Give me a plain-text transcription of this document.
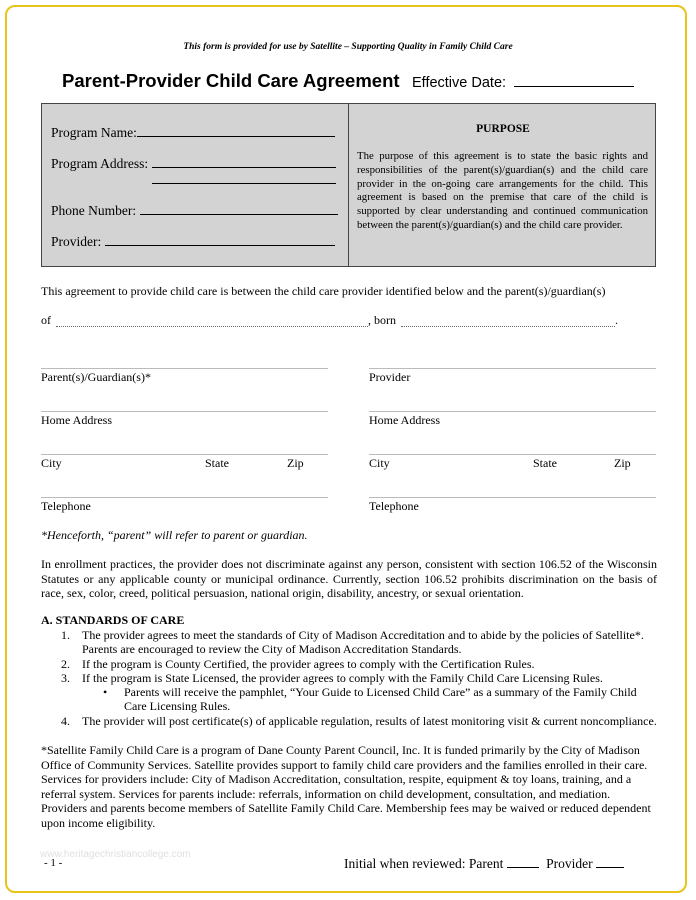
This form is provided for use by Satellite – Supporting Quality in Family Child Care
Parent-Provider Child Care Agreement Effective Date:
Program Name:
Program Address:
Phone Number:
Provider:
PURPOSE
The purpose of this agreement is to state the basic rights and responsibilities of the parent(s)/guardian(s) and the child care provider in the on-going care arrangements for the child. This agreement is based on the premise that care of the child is supported by clear understanding and continued communication between the parent(s)/guardian(s) and the child care provider.
This agreement to provide child care is between the child care provider identified below and the parent(s)/guardian(s)
of	, born	.
Parent(s)/Guardian(s)*
Home Address
City	State	Zip
Telephone
Provider
Home Address
City	State	Zip
Telephone
*Henceforth, “parent” will refer to parent or guardian.
In enrollment practices, the provider does not discriminate against any person, consistent with section 106.52 of the Wisconsin Statutes or any applicable county or municipal ordinance. Currently, section 106.52 prohibits discrimination on the basis of race, sex, color, creed, political persuasion, national origin, disability, ancestry, or sexual orientation.
A. STANDARDS OF CARE
1. The provider agrees to meet the standards of City of Madison Accreditation and to abide by the policies of Satellite*. Parents are encouraged to review the City of Madison Accreditation Standards.
2. If the program is County Certified, the provider agrees to comply with the Certification Rules.
3. If the program is State Licensed, the provider agrees to comply with the Family Child Care Licensing Rules.
• Parents will receive the pamphlet, “Your Guide to Licensed Child Care” as a summary of the Family Child Care Licensing Rules.
4. The provider will post certificate(s) of applicable regulation, results of latest monitoring visit & current noncompliance.
*Satellite Family Child Care is a program of Dane County Parent Council, Inc. It is funded primarily by the City of Madison Office of Community Services. Satellite provides support to family child care providers and the families enrolled in their care. Services for providers include: City of Madison Accreditation, consultation, respite, equipment & toy loans, training, and a referral system. Services for parents include: referrals, information on child development, consultation, and mediation. Providers and parents become members of Satellite Family Child Care. Membership fees may be waived or reduced dependent upon income eligibility.
www.heritagechristiancollege.com
- 1 -	Initial when reviewed: Parent	Provider
